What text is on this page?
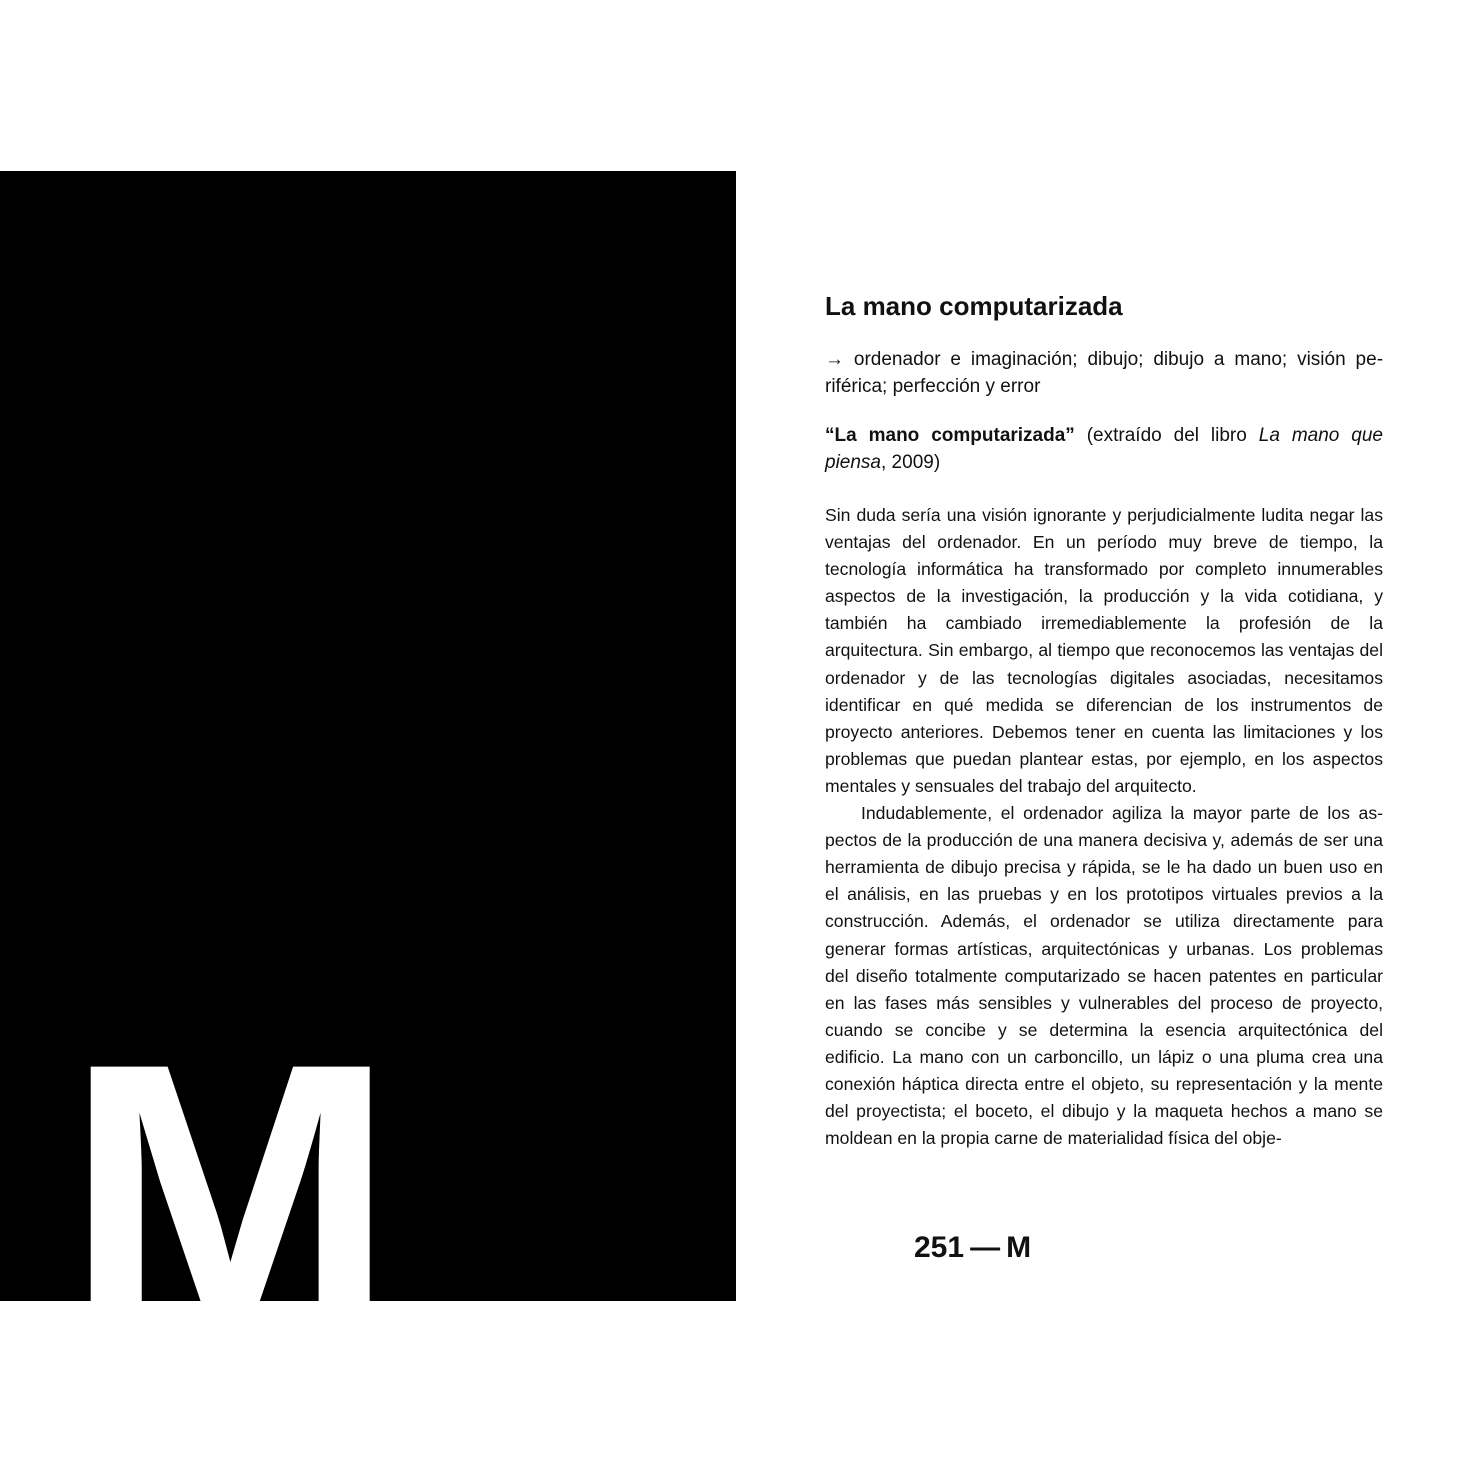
M
La mano computarizada
→ ordenador e imaginación; dibujo; dibujo a mano; visión periférica; perfección y error
“La mano computarizada” (extraído del libro La mano que piensa, 2009)

Sin duda sería una visión ignorante y perjudicialmente ludita negar las ventajas del ordenador. En un período muy breve de tiempo, la tecnología informática ha transformado por completo innumerables aspectos de la investigación, la producción y la vida cotidiana, y también ha cambiado irremediablemente la profesión de la arquitectura. Sin embargo, al tiempo que reconocemos las ventajas del ordenador y de las tecnologías digitales asociadas, necesitamos identificar en qué medida se diferencian de los instrumentos de proyecto anteriores. Debemos tener en cuenta las limitaciones y los problemas que puedan plantear estas, por ejemplo, en los aspectos mentales y sensuales del trabajo del arquitecto.

Indudablemente, el ordenador agiliza la mayor parte de los aspectos de la producción de una manera decisiva y, además de ser una herramienta de dibujo precisa y rápida, se le ha dado un buen uso en el análisis, en las pruebas y en los prototipos virtuales previos a la construcción. Además, el ordenador se utiliza directamente para generar formas artísticas, arquitectónicas y urbanas. Los problemas del diseño totalmente computarizado se hacen patentes en particular en las fases más sensibles y vulnerables del proceso de proyecto, cuando se concibe y se determina la esencia arquitectónica del edificio. La mano con un carboncillo, un lápiz o una pluma crea una conexión háptica directa entre el objeto, su representación y la mente del proyectista; el boceto, el dibujo y la maqueta hechos a mano se moldean en la propia carne de materialidad física del obje-

251 — M
